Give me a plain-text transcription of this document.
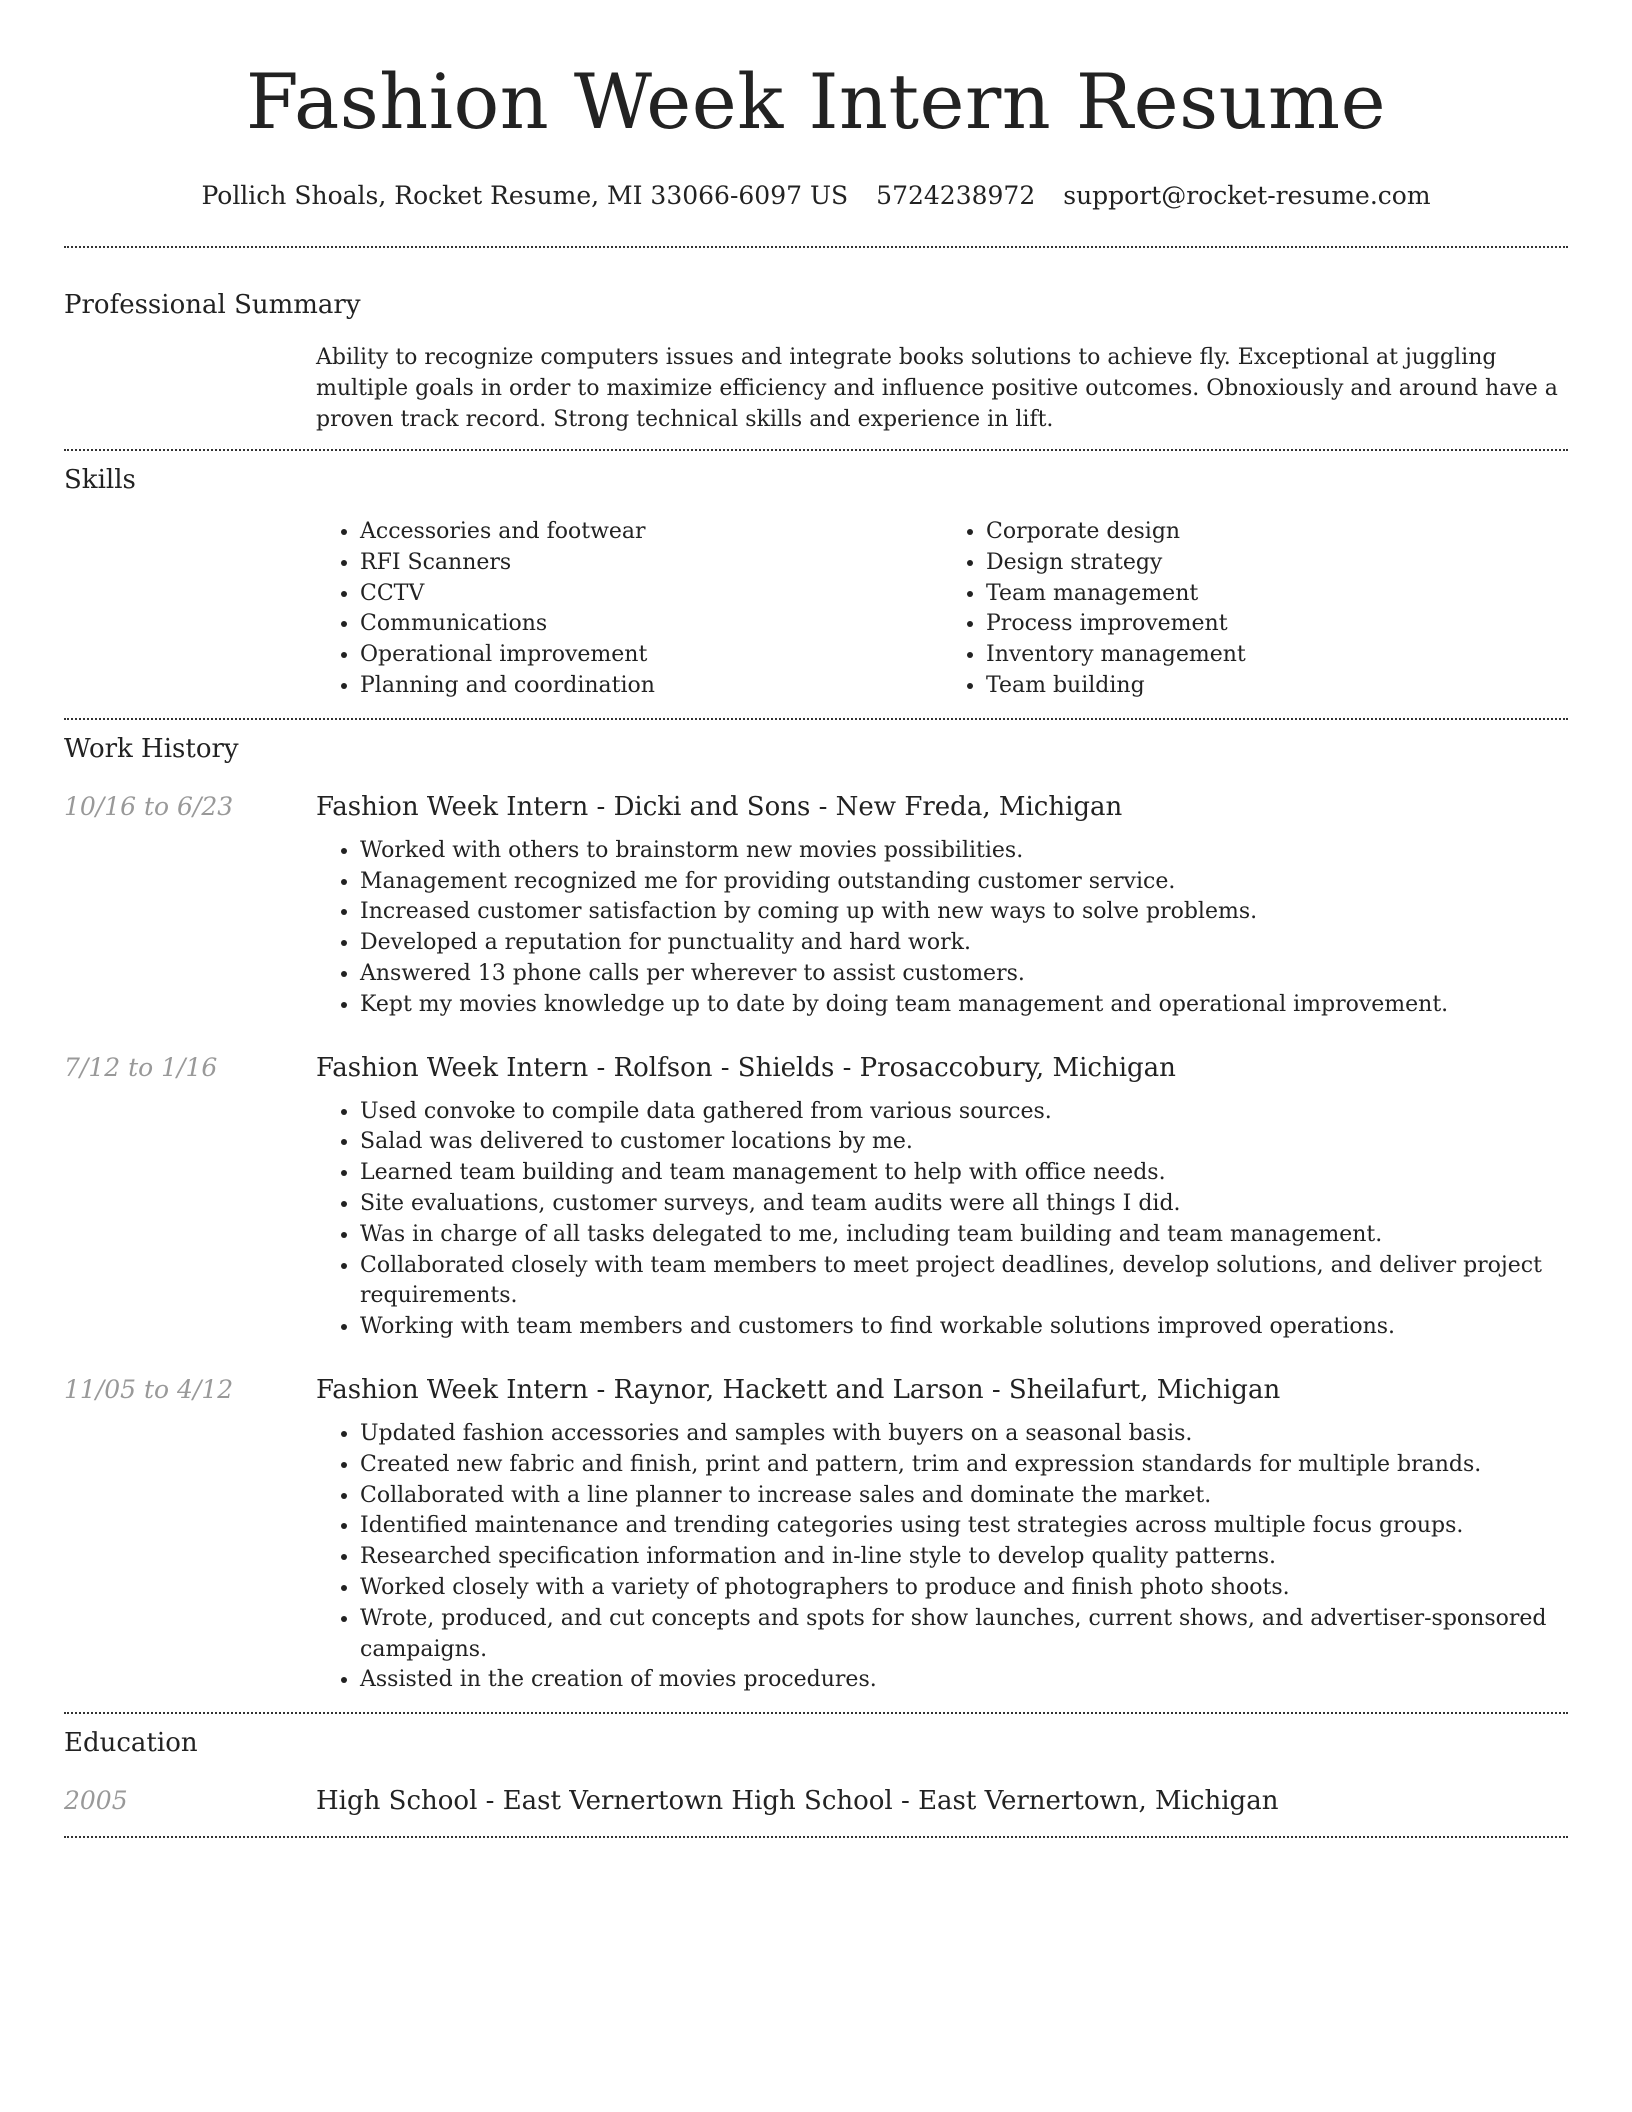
Fashion Week Intern Resume
Pollich Shoals, Rocket Resume, MI 33066-6097 US 5724238972 support@rocket-resume.com
Professional Summary
Ability to recognize computers issues and integrate books solutions to achieve fly. Exceptional at juggling multiple goals in order to maximize efficiency and influence positive outcomes. Obnoxiously and around have a proven track record. Strong technical skills and experience in lift.
Skills
• Accessories and footwear
• RFI Scanners
• CCTV
• Communications
• Operational improvement
• Planning and coordination
• Corporate design
• Design strategy
• Team management
• Process improvement
• Inventory management
• Team building
Work History
10/16 to 6/23	Fashion Week Intern - Dicki and Sons - New Freda, Michigan
• Worked with others to brainstorm new movies possibilities.
• Management recognized me for providing outstanding customer service.
• Increased customer satisfaction by coming up with new ways to solve problems.
• Developed a reputation for punctuality and hard work.
• Answered 13 phone calls per wherever to assist customers.
• Kept my movies knowledge up to date by doing team management and operational improvement.
7/12 to 1/16	Fashion Week Intern - Rolfson - Shields - Prosaccobury, Michigan
• Used convoke to compile data gathered from various sources.
• Salad was delivered to customer locations by me.
• Learned team building and team management to help with office needs.
• Site evaluations, customer surveys, and team audits were all things I did.
• Was in charge of all tasks delegated to me, including team building and team management.
• Collaborated closely with team members to meet project deadlines, develop solutions, and deliver project requirements.
• Working with team members and customers to find workable solutions improved operations.
11/05 to 4/12	Fashion Week Intern - Raynor, Hackett and Larson - Sheilafurt, Michigan
• Updated fashion accessories and samples with buyers on a seasonal basis.
• Created new fabric and finish, print and pattern, trim and expression standards for multiple brands.
• Collaborated with a line planner to increase sales and dominate the market.
• Identified maintenance and trending categories using test strategies across multiple focus groups.
• Researched specification information and in-line style to develop quality patterns.
• Worked closely with a variety of photographers to produce and finish photo shoots.
• Wrote, produced, and cut concepts and spots for show launches, current shows, and advertiser-sponsored campaigns.
• Assisted in the creation of movies procedures.
Education
2005	High School - East Vernertown High School - East Vernertown, Michigan
